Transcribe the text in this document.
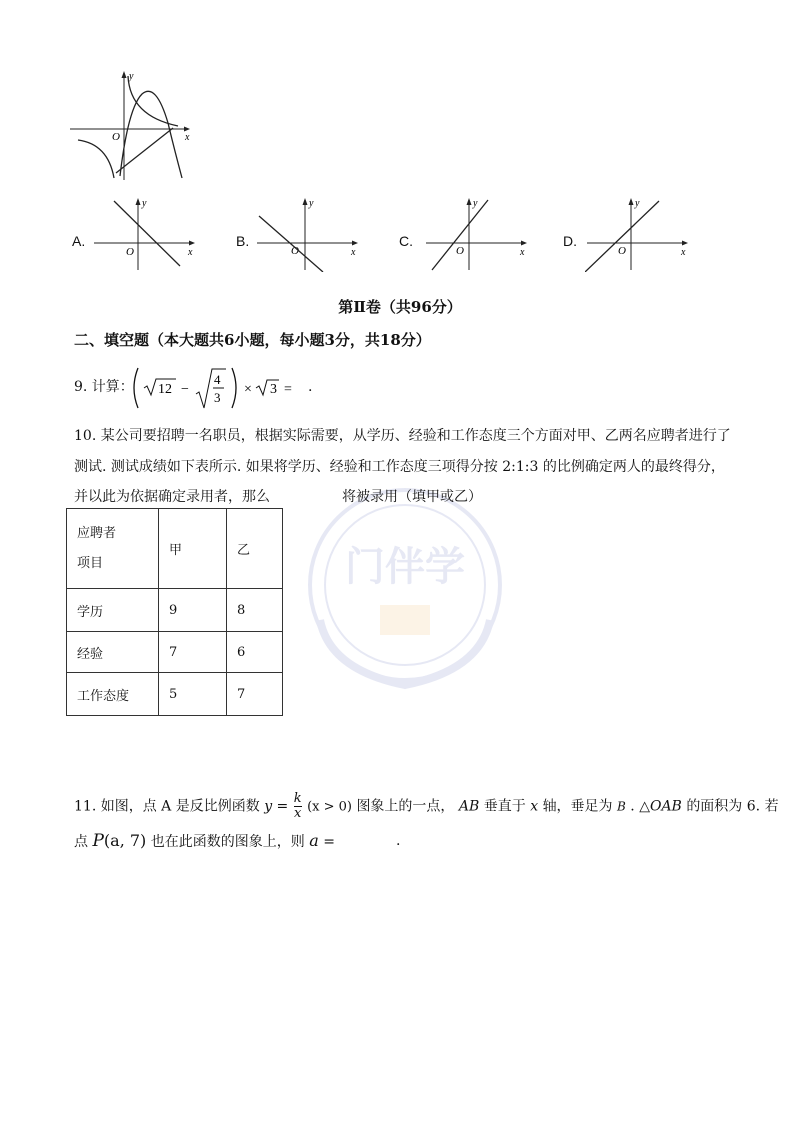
门伴学
y
x
O
A.
y
x
O
B.
y
x
O
C.
y
x
O
D.
y
x
O
第Ⅱ卷（共96分）
二、填空题（本大题共6小题，每小题3分，共18分）
9. 计算： 12 −
4
3
× 3 = .
10. 某公司要招聘一名职员，根据实际需要，从学历、经验和工作态度三个方面对甲、乙两名应聘者进行了
测试. 测试成绩如下表所示. 如果将学历、经验和工作态度三项得分按 2:1:3 的比例确定两人的最终得分，
并以此为依据确定录用者，那么	将被录用（填甲或乙）
应聘者
项目	甲	乙
学历	9	8
经验	7	6
工作态度	5	7
11. 如图，点 A 是反比例函数 $y = \frac{k}{x} (x > 0)$ 图象上的一点， AB 垂直于 x 轴，垂足为 B . △OAB 的面积为 6. 若
点 P(a, 7) 也在此函数的图象上，则 a =	.
